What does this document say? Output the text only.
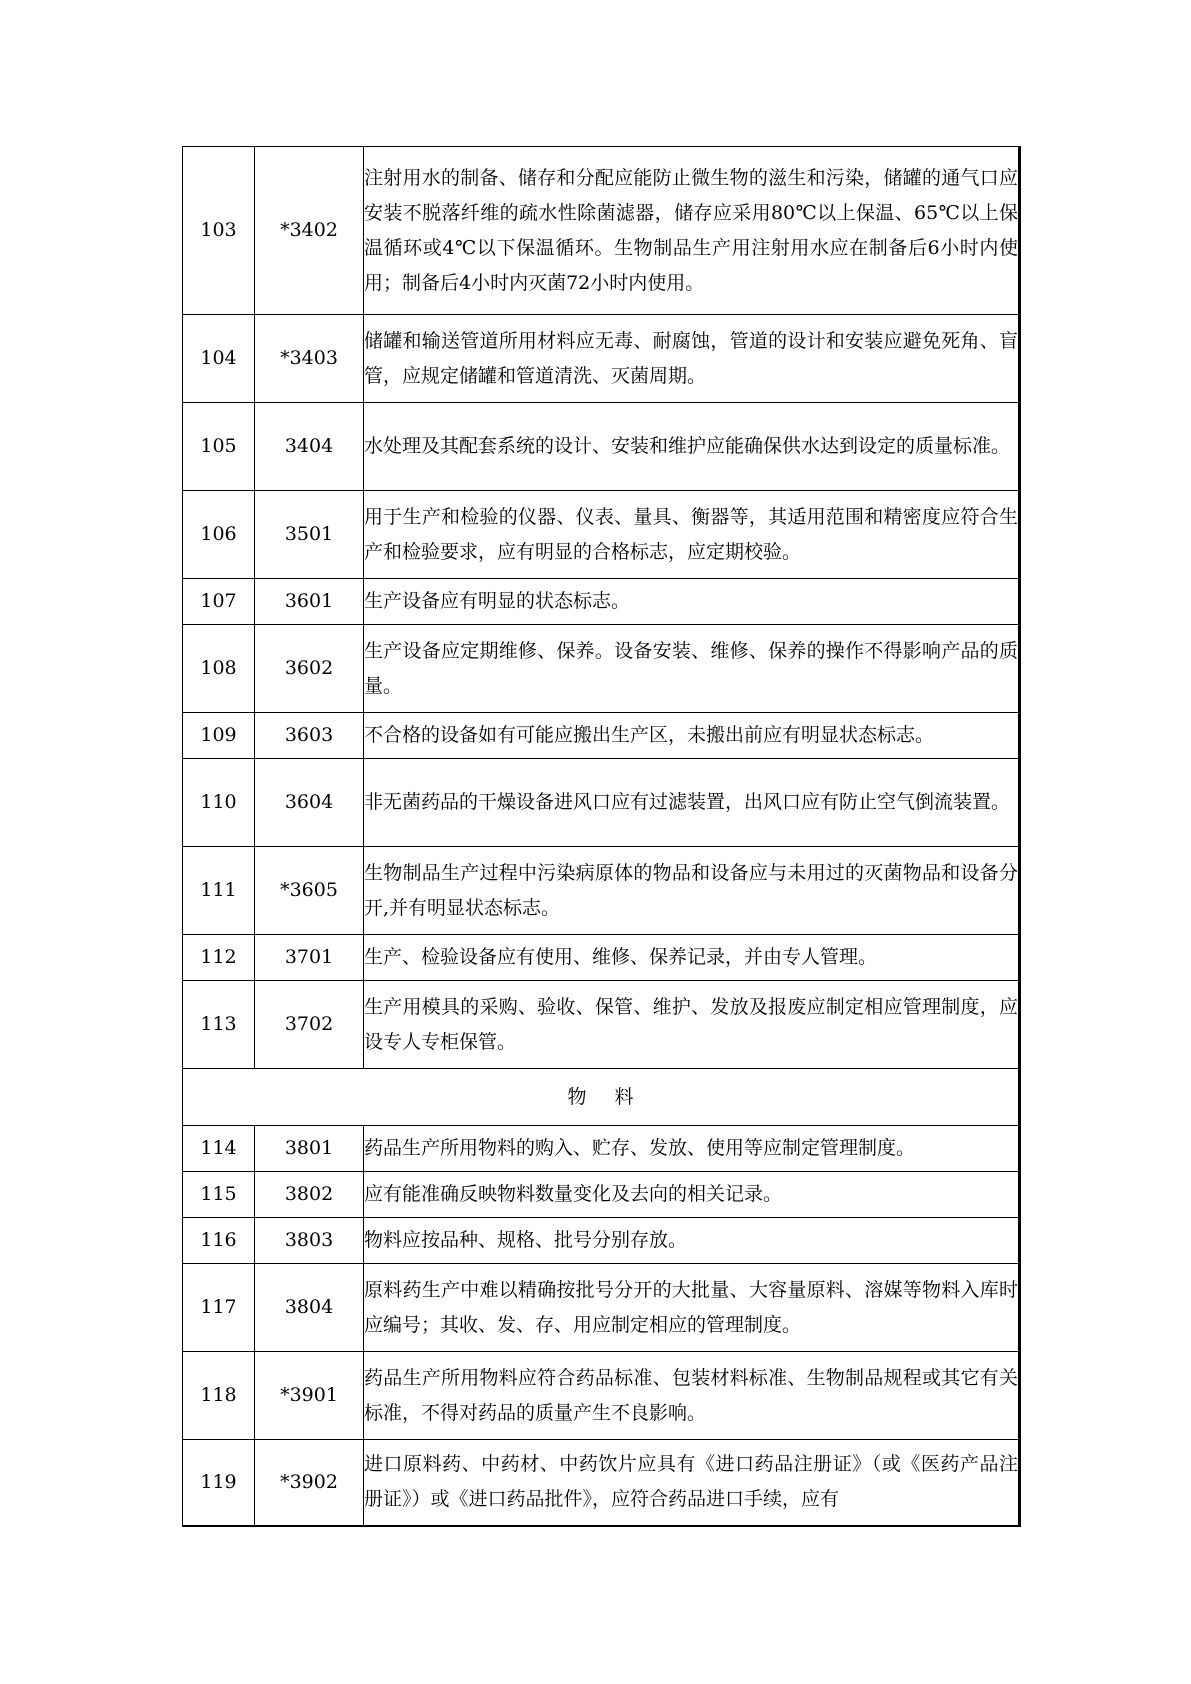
103	*3402	注射用水的制备、储存和分配应能防止微生物的滋生和污染，储罐的通气口应安装不脱落纤维的疏水性除菌滤器，储存应采用80℃以上保温、65℃以上保温循环或4℃以下保温循环。生物制品生产用注射用水应在制备后6小时内使用；制备后4小时内灭菌72小时内使用。
104	*3403	储罐和输送管道所用材料应无毒、耐腐蚀，管道的设计和安装应避免死角、盲管，应规定储罐和管道清洗、灭菌周期。
105	3404	水处理及其配套系统的设计、安装和维护应能确保供水达到设定的质量标准。
106	3501	用于生产和检验的仪器、仪表、量具、衡器等，其适用范围和精密度应符合生产和检验要求，应有明显的合格标志，应定期校验。
107	3601	生产设备应有明显的状态标志。
108	3602	生产设备应定期维修、保养。设备安装、维修、保养的操作不得影响产品的质量。
109	3603	不合格的设备如有可能应搬出生产区，未搬出前应有明显状态标志。
110	3604	非无菌药品的干燥设备进风口应有过滤装置，出风口应有防止空气倒流装置。
111	*3605	生物制品生产过程中污染病原体的物品和设备应与未用过的灭菌物品和设备分开,并有明显状态标志。
112	3701	生产、检验设备应有使用、维修、保养记录，并由专人管理。
113	3702	生产用模具的采购、验收、保管、维护、发放及报废应制定相应管理制度，应设专人专柜保管。
物料		
114	3801	药品生产所用物料的购入、贮存、发放、使用等应制定管理制度。
115	3802	应有能准确反映物料数量变化及去向的相关记录。
116	3803	物料应按品种、规格、批号分别存放。
117	3804	原料药生产中难以精确按批号分开的大批量、大容量原料、溶媒等物料入库时应编号；其收、发、存、用应制定相应的管理制度。
118	*3901	药品生产所用物料应符合药品标准、包装材料标准、生物制品规程或其它有关标准，不得对药品的质量产生不良影响。
119	*3902	进口原料药、中药材、中药饮片应具有《进口药品注册证》（或《医药产品注册证》）或《进口药品批件》，应符合药品进口手续，应有
